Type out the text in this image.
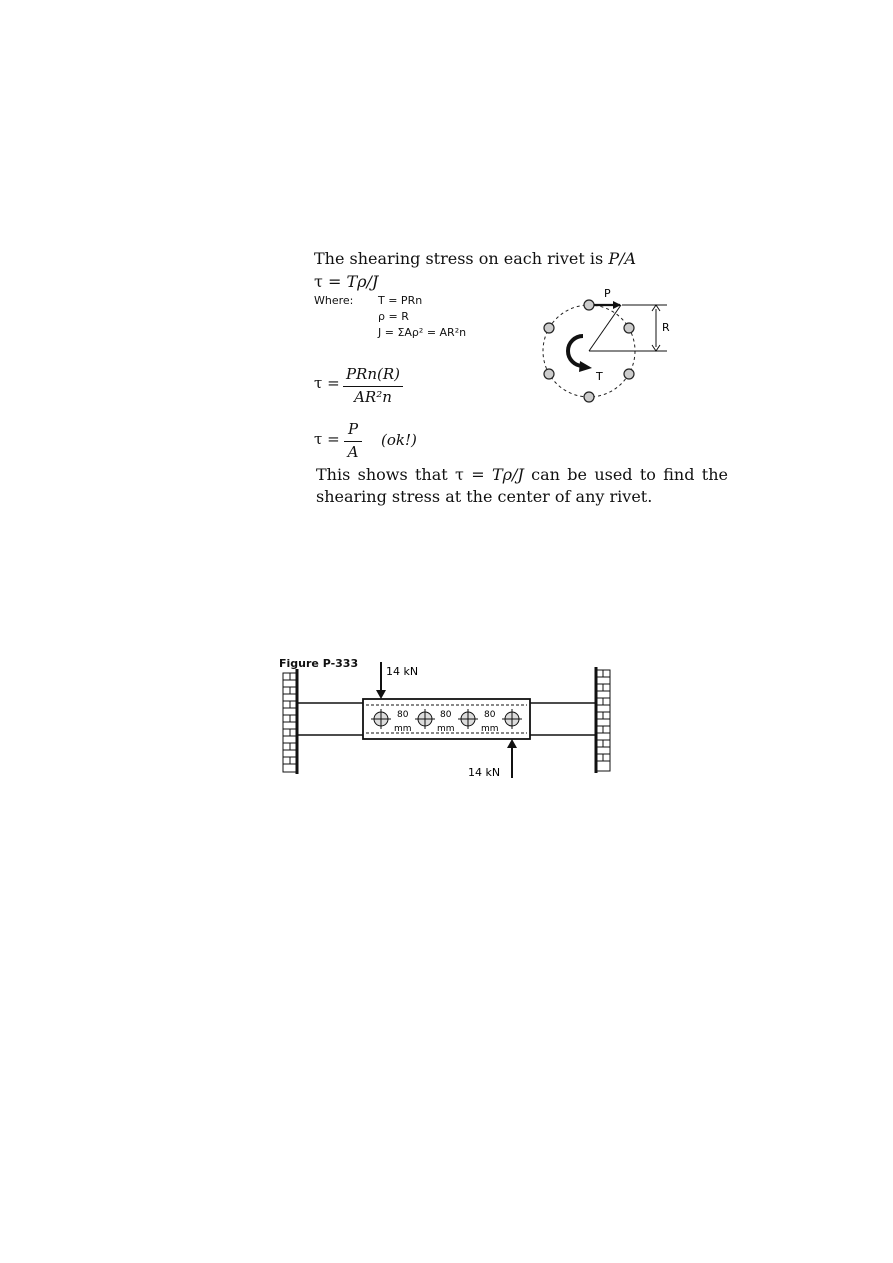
The shearing stress on each rivet is P/A
τ = Tρ/J
Where: T = PRn
ρ = R
J = ΣAρ² = AR²n
τ = PRn(R)
AR²n
τ =
P
A
(ok!)
This shows that τ = Tρ/J can be used to find the
shearing stress at the center of any rivet.
P
R
T
Figure P-333
80
mm
80
mm
80
mm
14 kN
14 kN
